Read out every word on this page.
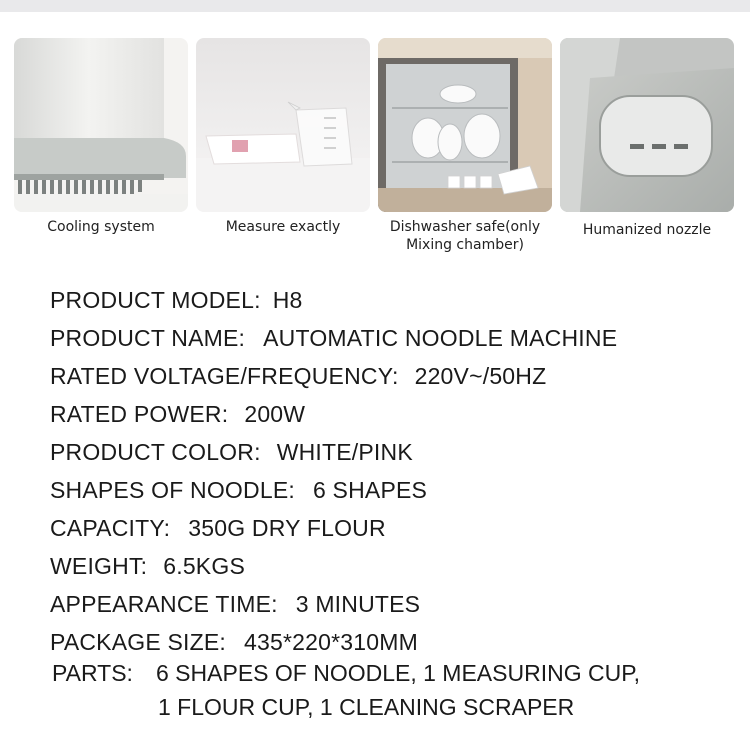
Cooling system	Measure exactly	Dishwasher safe(only
Mixing chamber)
Humanized nozzle
PRODUCT MODEL: H8
PRODUCT NAME: AUTOMATIC NOODLE MACHINE
RATED VOLTAGE/FREQUENCY: 220V~/50HZ
RATED POWER: 200W
PRODUCT COLOR: WHITE/PINK
SHAPES OF NOODLE: 6 SHAPES
CAPACITY: 350G DRY FLOUR
WEIGHT: 6.5KGS
APPEARANCE TIME: 3 MINUTES
PACKAGE SIZE: 435*220*310MM
PARTS: 6 SHAPES OF NOODLE, 1 MEASURING CUP,
1 FLOUR CUP, 1 CLEANING SCRAPER
